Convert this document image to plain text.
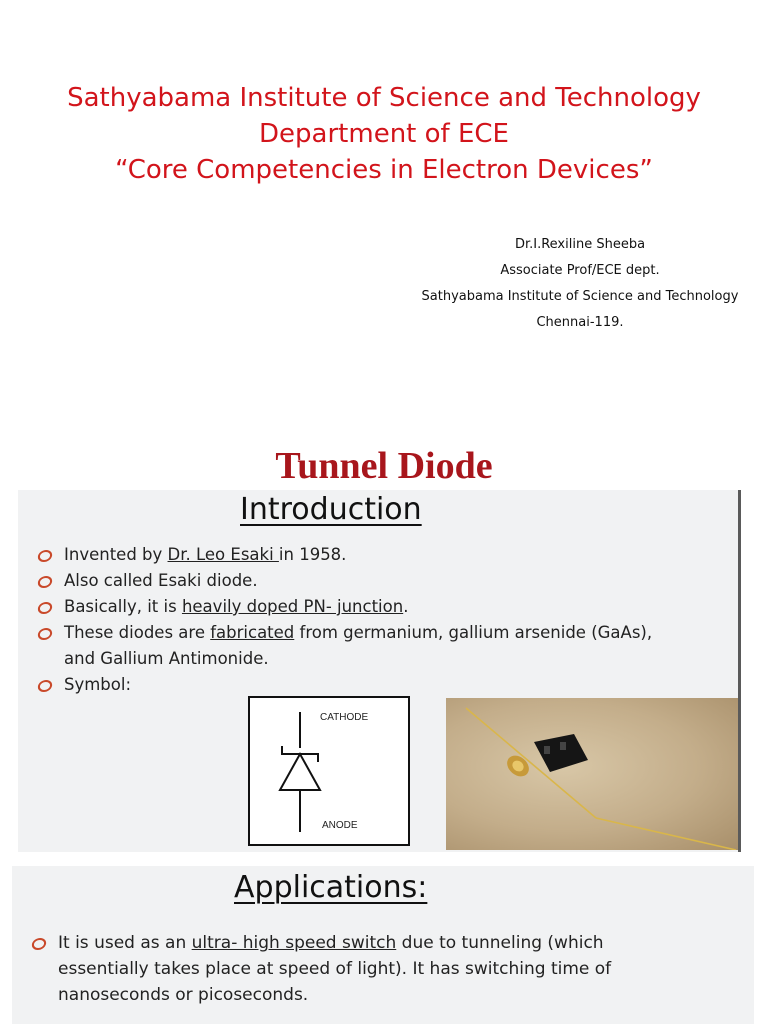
Sathyabama Institute of Science and Technology
Department of ECE
“Core Competencies in Electron Devices”
Dr.I.Rexiline Sheeba
Associate Prof/ECE dept.
Sathyabama Institute of Science and Technology
Chennai-119.
Tunnel Diode
Introduction
Invented by Dr. Leo Esaki in 1958.
Also called Esaki diode.
Basically, it is heavily doped PN- junction.
These diodes are fabricated from germanium, gallium arsenide (GaAs), and Gallium Antimonide.
Symbol:
CATHODE
ANODE
Applications:
It is used as an ultra- high speed switch due to tunneling (which essentially takes place at speed of light). It has switching time of nanoseconds or picoseconds.
